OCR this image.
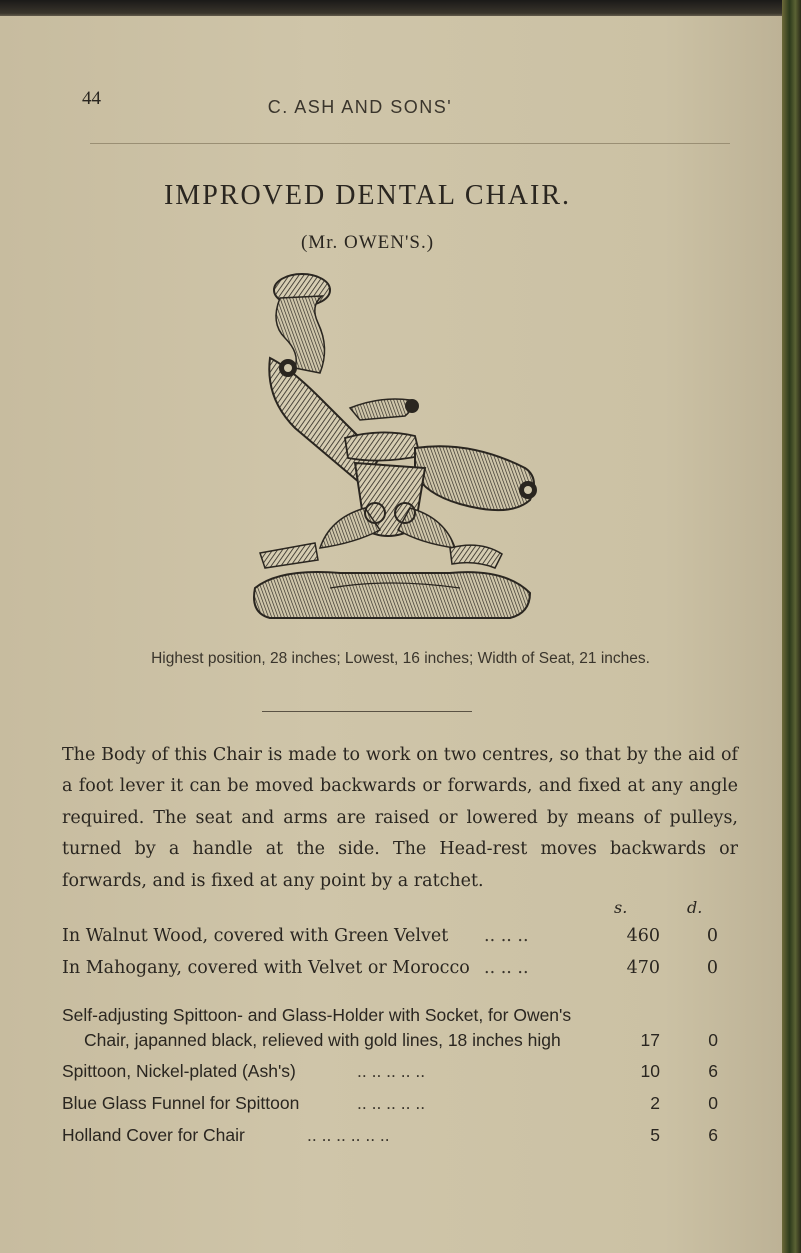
44	C. ASH AND SONS'
IMPROVED DENTAL CHAIR.
(Mr. OWEN'S.)
Highest position, 28 inches; Lowest, 16 inches; Width of Seat, 21 inches.
The Body of this Chair is made to work on two centres, so that by the aid of a foot lever it can be moved backwards or forwards, and fixed at any angle required. The seat and arms are raised or lowered by means of pulleys, turned by a handle at the side. The Head-rest moves backwards or forwards, and is fixed at any point by a ratchet.
s.	d.
In Walnut Wood, covered with Green Velvet .. .. ..	460	0
In Mahogany, covered with Velvet or Morocco .. .. ..	470	0
Self-adjusting Spittoon- and Glass-Holder with Socket, for Owen's
Chair, japanned black, relieved with gold lines, 18 inches high	17	0
Spittoon, Nickel-plated (Ash's)	.. .. .. .. ..	10	6
Blue Glass Funnel for Spittoon	.. .. .. .. ..	2	0
Holland Cover for Chair	.. .. .. .. .. ..	5	6
